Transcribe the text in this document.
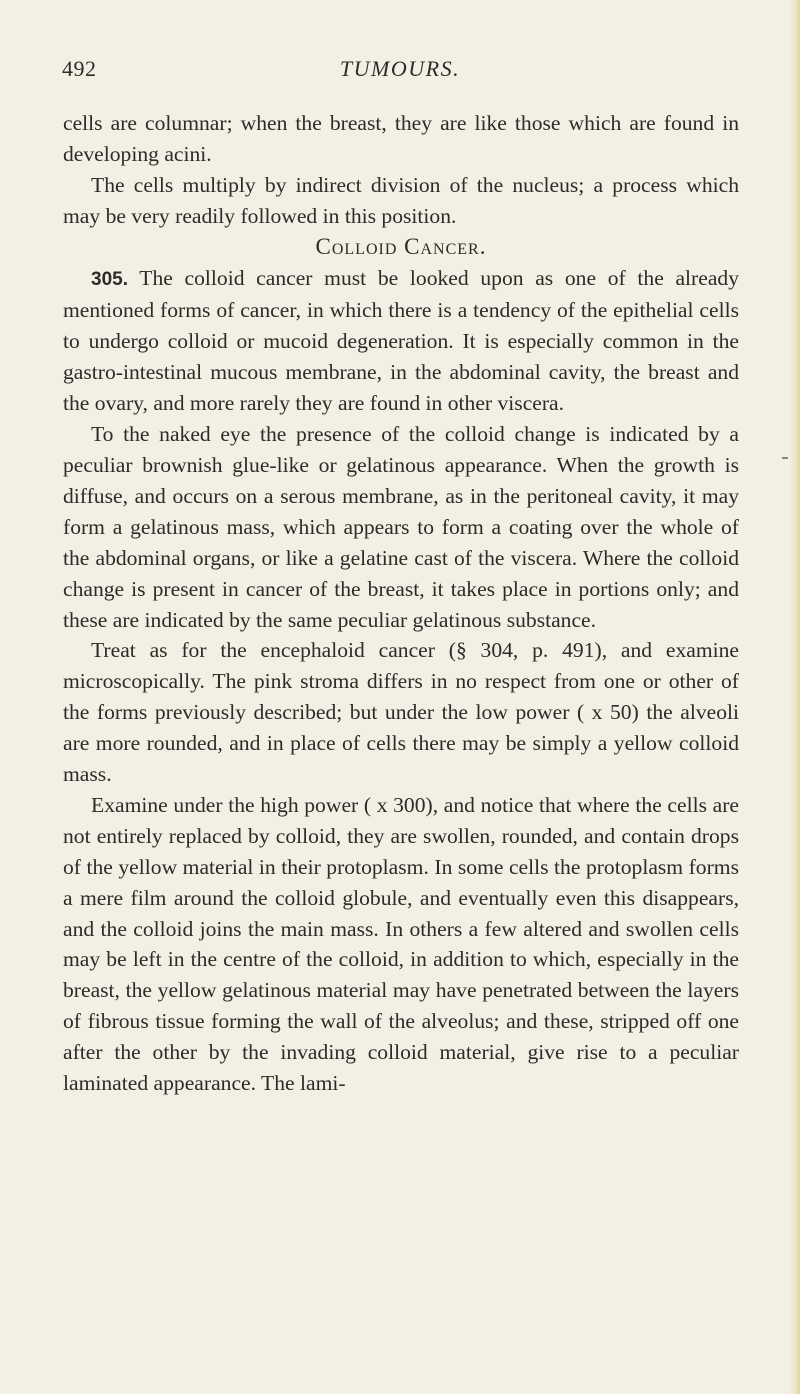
492	TUMOURS.

cells are columnar; when the breast, they are like those which are found in developing acini.

The cells multiply by indirect division of the nucleus; a process which may be very readily followed in this position.

Colloid Cancer.

305. The colloid cancer must be looked upon as one of the already mentioned forms of cancer, in which there is a tendency of the epithelial cells to undergo colloid or mucoid degeneration. It is especially common in the gastro-intestinal mucous membrane, in the abdominal cavity, the breast and the ovary, and more rarely they are found in other viscera.

To the naked eye the presence of the colloid change is indicated by a peculiar brownish glue-like or gelatinous appearance. When the growth is diffuse, and occurs on a serous membrane, as in the peritoneal cavity, it may form a gelatinous mass, which appears to form a coating over the whole of the abdominal organs, or like a gelatine cast of the viscera. Where the colloid change is present in cancer of the breast, it takes place in portions only; and these are indicated by the same peculiar gelatinous substance.

Treat as for the encephaloid cancer (§ 304, p. 491), and examine microscopically. The pink stroma differs in no respect from one or other of the forms previously described; but under the low power ( x 50) the alveoli are more rounded, and in place of cells there may be simply a yellow colloid mass.

Examine under the high power ( x 300), and notice that where the cells are not entirely replaced by colloid, they are swollen, rounded, and contain drops of the yellow material in their protoplasm. In some cells the protoplasm forms a mere film around the colloid globule, and eventually even this disappears, and the colloid joins the main mass. In others a few altered and swollen cells may be left in the centre of the colloid, in addition to which, especially in the breast, the yellow gelatinous material may have penetrated between the layers of fibrous tissue forming the wall of the alveolus; and these, stripped off one after the other by the invading colloid material, give rise to a peculiar laminated appearance. The lami-
